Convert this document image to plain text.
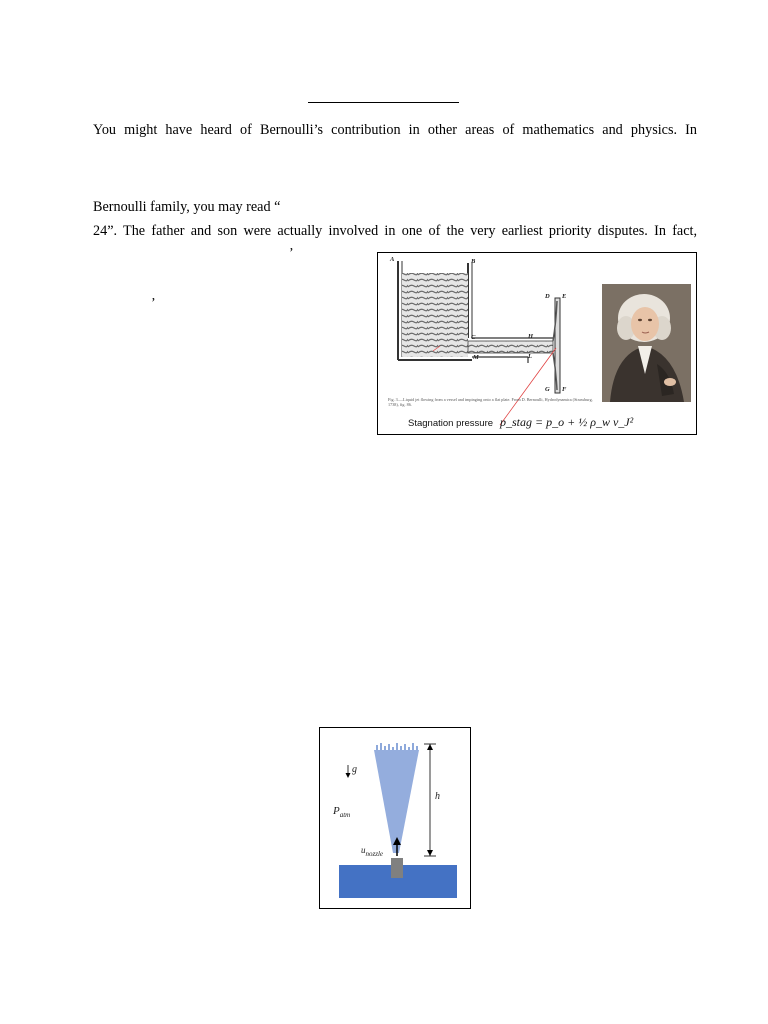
You might have heard of Bernoulli’s contribution in other areas of mathematics and physics. In
Bernoulli family, you may read “
24”. The father and son were actually involved in one of the very earliest priority disputes. In fact,
’
’
A	B
C
M
H
L
D E
G F
Fig. 3.—Liquid jet flowing from a vessel and impinging onto a flat plate. From D. Bernoulli, Hydrodynamica (Strassburg, 1738), fig. 86.
Stagnation pressure p_stag = p_o + ½ ρ_w v_J²
g
$P_{atm}$
$u_{nozzle}$
h
